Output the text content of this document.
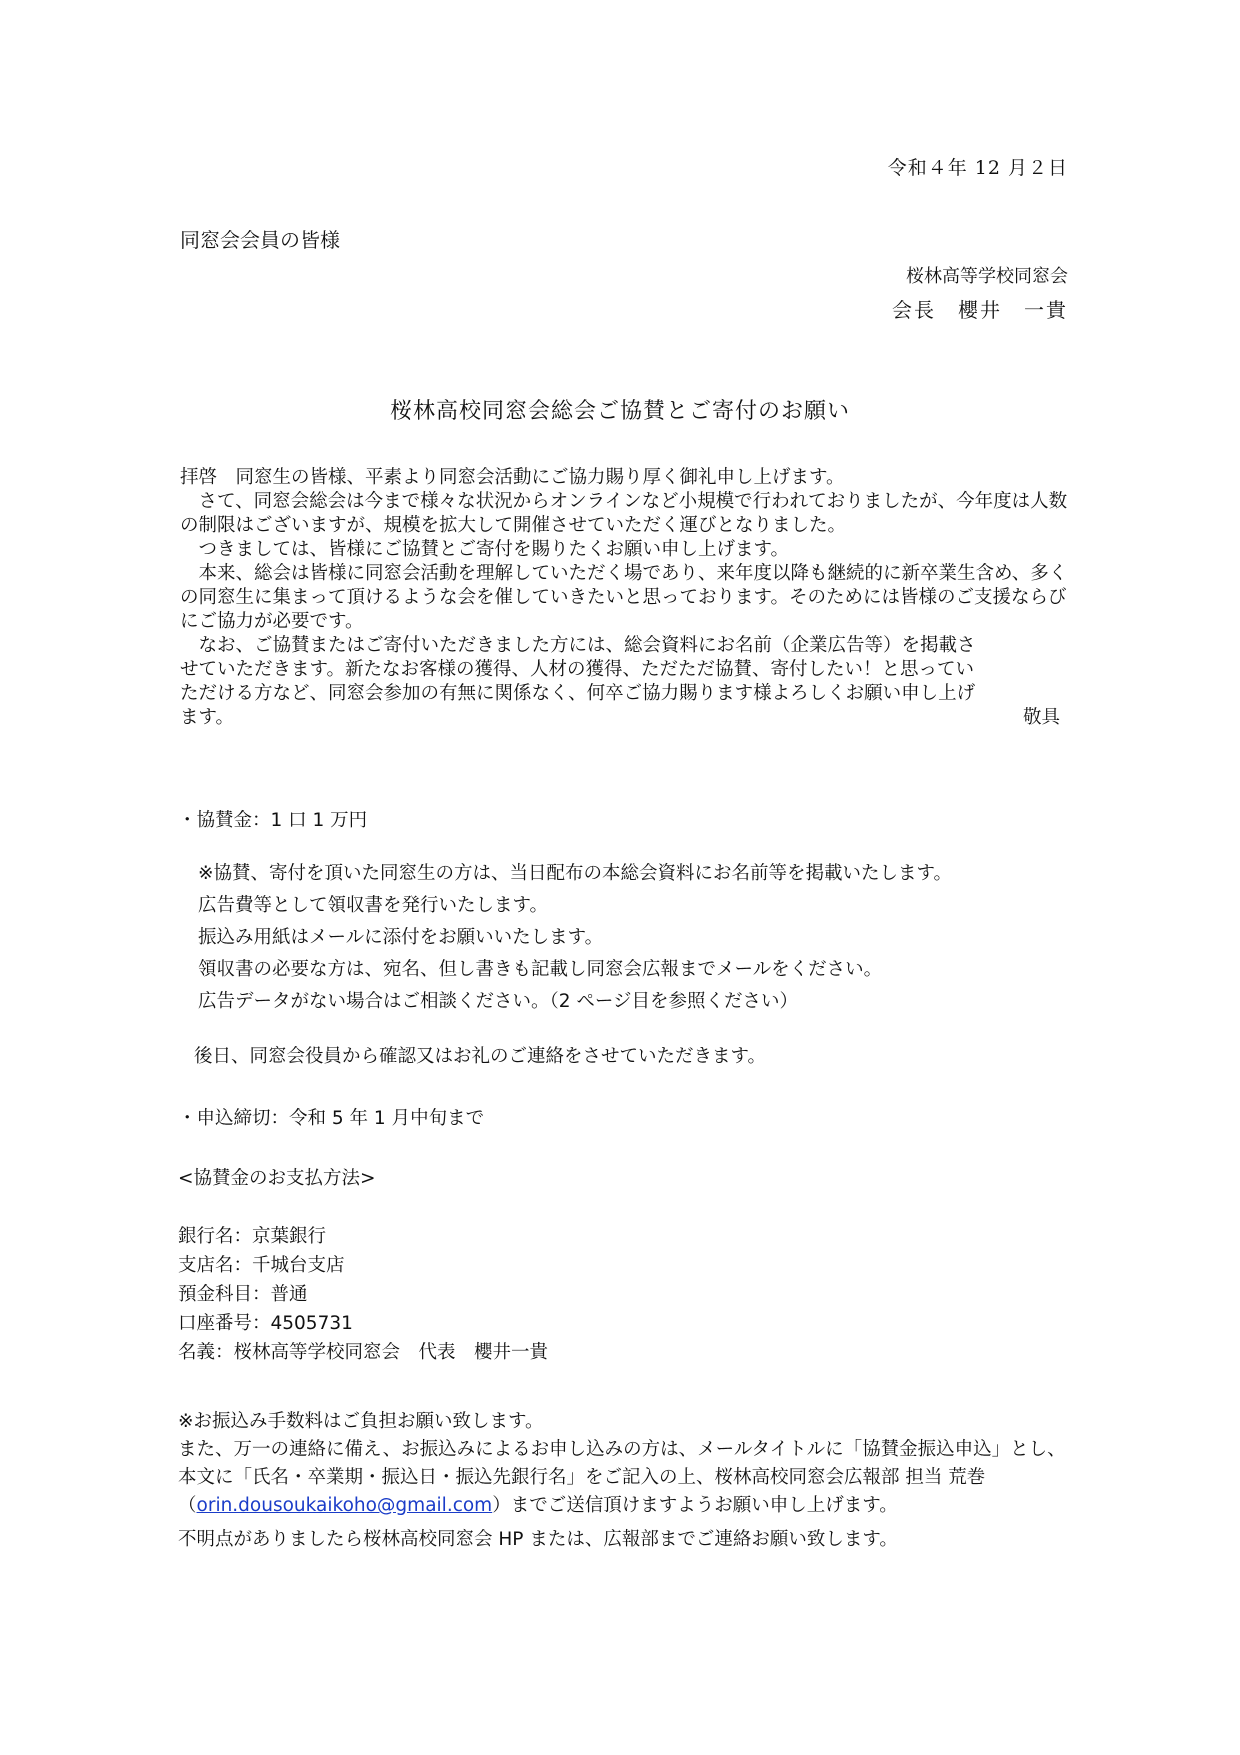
令和４年 12 月２日
同窓会会員の皆様
桜林高等学校同窓会
会長　櫻井　一貴
桜林高校同窓会総会ご協賛とご寄付のお願い

拝啓　同窓生の皆様、平素より同窓会活動にご協力賜り厚く御礼申し上げます。

　さて、同窓会総会は今まで様々な状況からオンラインなど小規模で行われておりましたが、今年度は人数の制限はございますが、規模を拡大して開催させていただく運びとなりました。

　つきましては、皆様にご協賛とご寄付を賜りたくお願い申し上げます。

　本来、総会は皆様に同窓会活動を理解していただく場であり、来年度以降も継続的に新卒業生含め、多くの同窓生に集まって頂けるような会を催していきたいと思っております。そのためには皆様のご支援ならびにご協力が必要です。

　なお、ご協賛またはご寄付いただきました方には、総会資料にお名前（企業広告等）を掲載させていただきます。新たなお客様の獲得、人材の獲得、ただただ協賛、寄付したい！と思っていただける方など、同窓会参加の有無に関係なく、何卒ご協力賜ります様よろしくお願い申し上げます。	敬具
・協賛金：1 口 1 万円

※協賛、寄付を頂いた同窓生の方は、当日配布の本総会資料にお名前等を掲載いたします。

広告費等として領収書を発行いたします。

振込み用紙はメールに添付をお願いいたします。

領収書の必要な方は、宛名、但し書きも記載し同窓会広報までメールをください。

広告データがない場合はご相談ください。（2 ページ目を参照ください）

後日、同窓会役員から確認又はお礼のご連絡をさせていただきます。
・申込締切：令和 5 年 1 月中旬まで
<協賛金のお支払方法>
銀行名：京葉銀行
支店名：千城台支店
預金科目：普通
口座番号：4505731
名義：桜林高等学校同窓会　代表　櫻井一貴

※お振込み手数料はご負担お願い致します。

また、万一の連絡に備え、お振込みによるお申し込みの方は、メールタイトルに「協賛金振込申込」とし、本文に「氏名・卒業期・振込日・振込先銀行名」をご記入の上、桜林高校同窓会広報部 担当 荒巻（orin.dousoukaikoho@gmail.com）までご送信頂けますようお願い申し上げます。

不明点がありましたら桜林高校同窓会 HP または、広報部までご連絡お願い致します。
